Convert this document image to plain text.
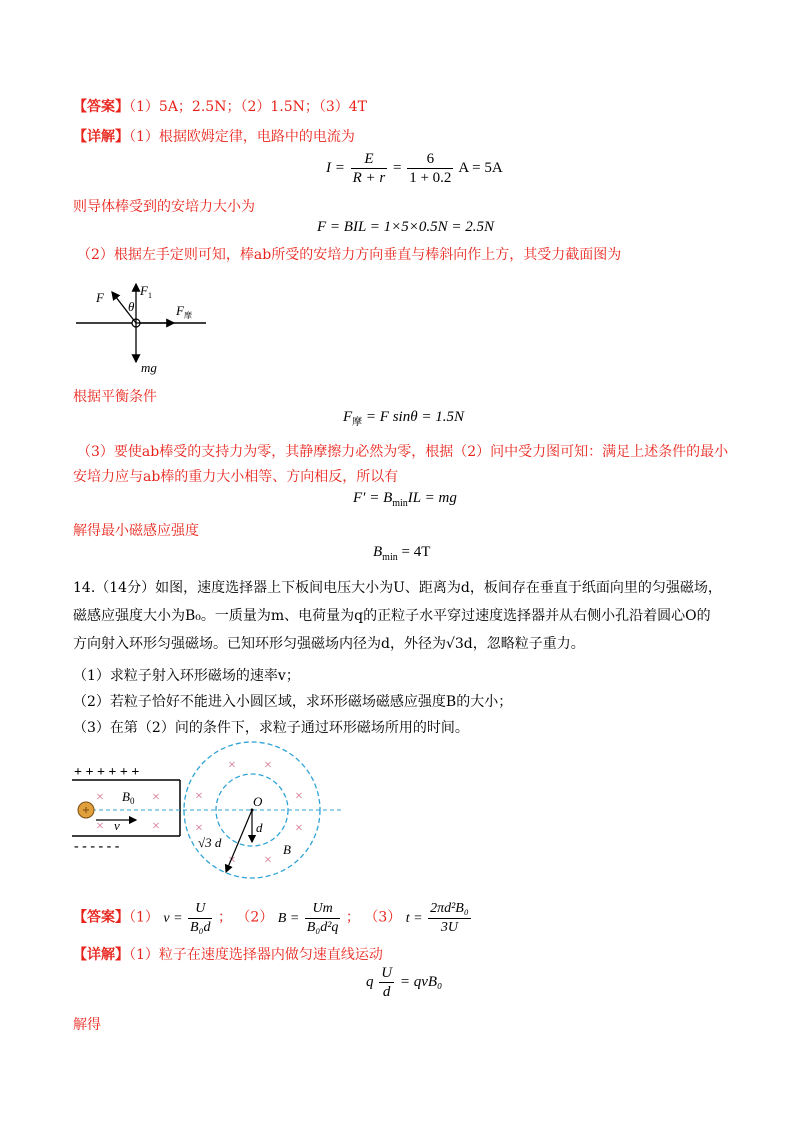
【答案】（1）5A；2.5N；（2）1.5N；（3）4T
【详解】（1）根据欧姆定律，电路中的电流为
$I = \frac{E}{R + r} = \frac{6}{1 + 0.2}$ A = 5A
则导体棒受到的安培力大小为
F = BIL = 1×5×0.5N = 2.5N
（2）根据左手定则可知，棒ab所受的安培力方向垂直与棒斜向作上方，其受力截面图为
F	$F_1$
θ	$F_摩$
mg
根据平衡条件
$F_摩 = F$ sinθ = 1.5N
（3）要使ab棒受的支持力为零，其静摩擦力必然为零，根据（2）问中受力图可知：满足上述条件的最小
安培力应与ab棒的重力大小相等、方向相反，所以有
$F' = B_{min}IL$ = mg
解得最小磁感应强度
$B_{min} = 4T$
14.（14分）如图，速度选择器上下板间电压大小为U、距离为d，板间存在垂直于纸面向里的匀强磁场，
磁感应强度大小为B₀。一质量为m、电荷量为q的正粒子水平穿过速度选择器并从右侧小孔沿着圆心O的
方向射入环形匀强磁场。已知环形匀强磁场内径为d，外径为√3d，忽略粒子重力。
（1）求粒子射入环形磁场的速率v；
（2）若粒子恰好不能进入小圆区域，求环形磁场磁感应强度B的大小；
（3）在第（2）问的条件下，求粒子通过环形磁场所用的时间。
+ + + + + +
- - - - - -
×	×
×	×
× ×
×	×
×	×
× ×
v
$B_0$	O
d
√3 d	B
【答案】（1） $v = \frac{U}{\text{B₀d}}$ ； （2） $B = \frac{Um}{\text{B₀d²q}}$ ； （3） $t = \frac{\text{2πd²B₀}}{3U}$
【详解】（1）粒子在速度选择器内做匀速直线运动
q $\frac{U}{d} = qvB_0$
解得
